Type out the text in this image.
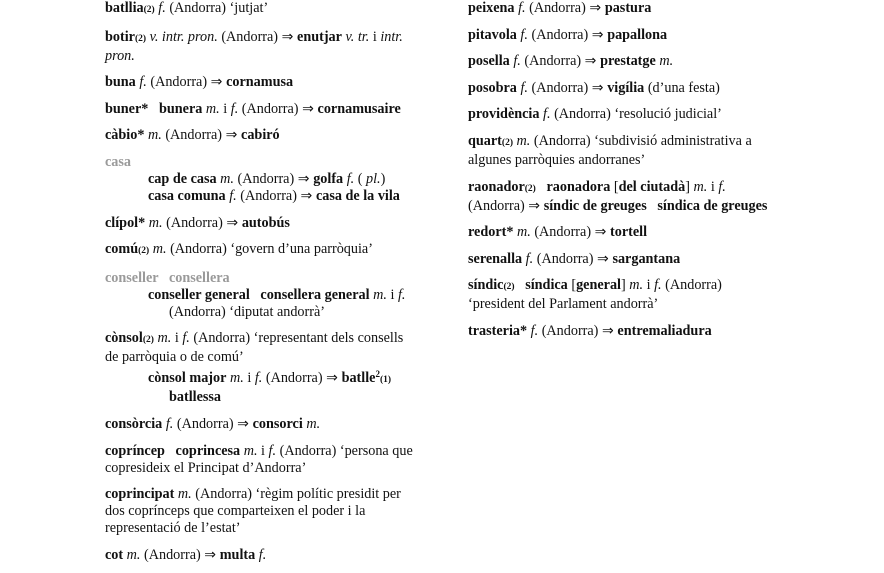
batllia(2) f. (Andorra) ‘jutjat’
botir(2) v. intr. pron. (Andorra) ⇒ enutjar v. tr. i intr.
pron.
buna f. (Andorra) ⇒ cornamusa
buner*   bunera m. i f. (Andorra) ⇒ cornamusaire
càbio* m. (Andorra) ⇒ cabiró
casa
cap de casa m. (Andorra) ⇒ golfa f. ( pl.)
casa comuna f. (Andorra) ⇒ casa de la vila
clípol* m. (Andorra) ⇒ autobús
comú(2) m. (Andorra) ‘govern d’una parròquia’
conseller   consellera
conseller general   consellera general m. i f.
(Andorra) ‘diputat andorrà’
cònsol(2) m. i f. (Andorra) ‘representant dels consells
de parròquia o de comú’
cònsol major m. i f. (Andorra) ⇒ batlle$^2$(1)
batllessa
consòrcia f. (Andorra) ⇒ consorci m.
copríncep   coprincesa m. i f. (Andorra) ‘persona que
copresideix el Principat d’Andorra’
coprincipat m. (Andorra) ‘règim polític presidit per
dos coprínceps que comparteixen el poder i la
representació de l’estat’
cot m. (Andorra) ⇒ multa f.
peixena f. (Andorra) ⇒ pastura
pitavola f. (Andorra) ⇒ papallona
posella f. (Andorra) ⇒ prestatge m.
posobra f. (Andorra) ⇒ vigília (d’una festa)
providència f. (Andorra) ‘resolució judicial’
quart(2) m. (Andorra) ‘subdivisió administrativa a
algunes parròquies andorranes’
raonador(2)   raonadora [del ciutadà] m. i f.
(Andorra) ⇒ síndic de greuges   síndica de greuges
redort* m. (Andorra) ⇒ tortell
serenalla f. (Andorra) ⇒ sargantana
síndic(2)   síndica [general] m. i f. (Andorra)
‘president del Parlament andorrà’
trasteria* f. (Andorra) ⇒ entremaliadura
